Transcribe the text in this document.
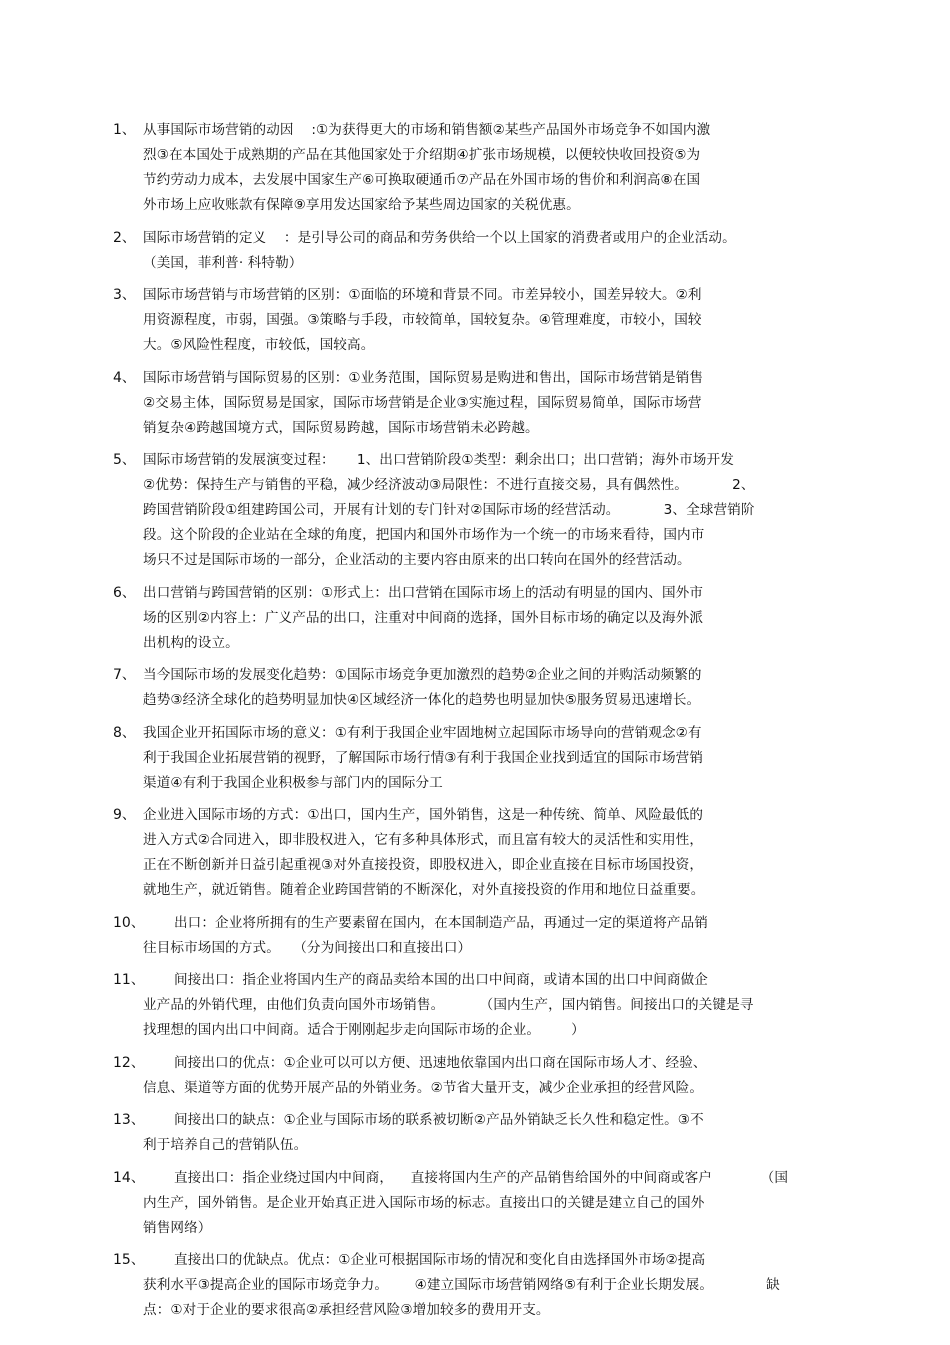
1、 从事国际市场营销的动因    :①为获得更大的市场和销售额②某些产品国外市场竞争不如国内激
烈③在本国处于成熟期的产品在其他国家处于介绍期④扩张市场规模，以便较快收回投资⑤为
节约劳动力成本，去发展中国家生产⑥可换取硬通币⑦产品在外国市场的售价和利润高⑧在国
外市场上应收账款有保障⑨享用发达国家给予某些周边国家的关税优惠。
2、 国际市场营销的定义    ：是引导公司的商品和劳务供给一个以上国家的消费者或用户的企业活动。
（美国，菲利普· 科特勒）
3、 国际市场营销与市场营销的区别：①面临的环境和背景不同。市差异较小，国差异较大。②利
用资源程度，市弱，国强。③策略与手段，市较简单，国较复杂。④管理难度，市较小，国较
大。⑤风险性程度，市较低，国较高。
4、 国际市场营销与国际贸易的区别：①业务范围，国际贸易是购进和售出，国际市场营销是销售
②交易主体，国际贸易是国家，国际市场营销是企业③实施过程，国际贸易简单，国际市场营
销复杂④跨越国境方式，国际贸易跨越，国际市场营销未必跨越。
5、 国际市场营销的发展演变过程：     1、出口营销阶段①类型：剩余出口；出口营销；海外市场开发
②优势：保持生产与销售的平稳，减少经济波动③局限性：不进行直接交易，具有偶然性。          2、
跨国营销阶段①组建跨国公司，开展有计划的专门针对②国际市场的经营活动。          3、全球营销阶
段。这个阶段的企业站在全球的角度，把国内和国外市场作为一个统一的市场来看待，国内市
场只不过是国际市场的一部分，企业活动的主要内容由原来的出口转向在国外的经营活动。
6、 出口营销与跨国营销的区别：①形式上：出口营销在国际市场上的活动有明显的国内、国外市
场的区别②内容上：广义产品的出口，注重对中间商的选择，国外目标市场的确定以及海外派
出机构的设立。
7、 当今国际市场的发展变化趋势：①国际市场竞争更加激烈的趋势②企业之间的并购活动频繁的
趋势③经济全球化的趋势明显加快④区域经济一体化的趋势也明显加快⑤服务贸易迅速增长。
8、 我国企业开拓国际市场的意义：①有利于我国企业牢固地树立起国际市场导向的营销观念②有
利于我国企业拓展营销的视野，了解国际市场行情③有利于我国企业找到适宜的国际市场营销
渠道④有利于我国企业积极参与部门内的国际分工
9、 企业进入国际市场的方式：①出口，国内生产，国外销售，这是一种传统、简单、风险最低的
进入方式②合同进入，即非股权进入，它有多种具体形式，而且富有较大的灵活性和实用性，
正在不断创新并日益引起重视③对外直接投资，即股权进入，即企业直接在目标市场国投资，
就地生产，就近销售。随着企业跨国营销的不断深化，对外直接投资的作用和地位日益重要。
10、
出口：企业将所拥有的生产要素留在国内，在本国制造产品，再通过一定的渠道将产品销
往目标市场国的方式。   （分为间接出口和直接出口）
11、
间接出口：指企业将国内生产的商品卖给本国的出口中间商，或请本国的出口中间商做企
业产品的外销代理，由他们负责向国外市场销售。        （国内生产，国内销售。间接出口的关键是寻
找理想的国内出口中间商。适合于刚刚起步走向国际市场的企业。       ）
12、
间接出口的优点：①企业可以可以方便、迅速地依靠国内出口商在国际市场人才、经验、
信息、渠道等方面的优势开展产品的外销业务。②节省大量开支，减少企业承担的经营风险。
13、
间接出口的缺点：①企业与国际市场的联系被切断②产品外销缺乏长久性和稳定性。③不
利于培养自己的营销队伍。
14、
直接出口：指企业绕过国内中间商，    直接将国内生产的产品销售给国外的中间商或客户           （国
内生产，国外销售。是企业开始真正进入国际市场的标志。直接出口的关键是建立自己的国外
销售网络）
15、
直接出口的优缺点。优点：①企业可根据国际市场的情况和变化自由选择国外市场②提高
获利水平③提高企业的国际市场竞争力。      ④建立国际市场营销网络⑤有利于企业长期发展。            缺
点：①对于企业的要求很高②承担经营风险③增加较多的费用开支。
